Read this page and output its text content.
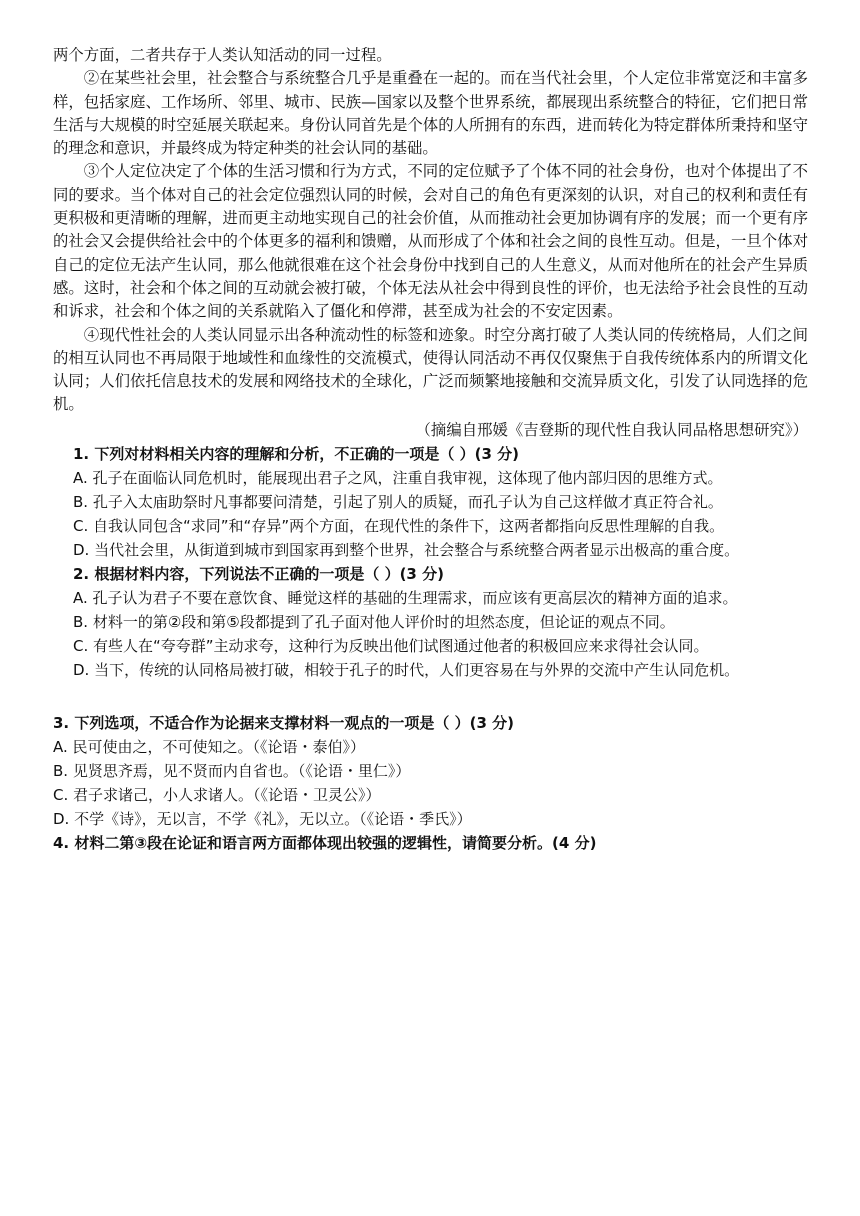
两个方面，二者共存于人类认知活动的同一过程。

②在某些社会里，社会整合与系统整合几乎是重叠在一起的。而在当代社会里，个人定位非常宽泛和丰富多样，包括家庭、工作场所、邻里、城市、民族—国家以及整个世界系统，都展现出系统整合的特征，它们把日常生活与大规模的时空延展关联起来。身份认同首先是个体的人所拥有的东西，进而转化为特定群体所秉持和坚守的理念和意识，并最终成为特定种类的社会认同的基础。

③个人定位决定了个体的生活习惯和行为方式，不同的定位赋予了个体不同的社会身份，也对个体提出了不同的要求。当个体对自己的社会定位强烈认同的时候，会对自己的角色有更深刻的认识，对自己的权利和责任有更积极和更清晰的理解，进而更主动地实现自己的社会价值，从而推动社会更加协调有序的发展；而一个更有序的社会又会提供给社会中的个体更多的福利和馈赠，从而形成了个体和社会之间的良性互动。但是，一旦个体对自己的定位无法产生认同，那么他就很难在这个社会身份中找到自己的人生意义，从而对他所在的社会产生异质感。这时，社会和个体之间的互动就会被打破，个体无法从社会中得到良性的评价，也无法给予社会良性的互动和诉求，社会和个体之间的关系就陷入了僵化和停滞，甚至成为社会的不安定因素。

④现代性社会的人类认同显示出各种流动性的标签和迹象。时空分离打破了人类认同的传统格局，人们之间的相互认同也不再局限于地域性和血缘性的交流模式，使得认同活动不再仅仅聚焦于自我传统体系内的所谓文化认同；人们依托信息技术的发展和网络技术的全球化，广泛而频繁地接触和交流异质文化，引发了认同选择的危机。

（摘编自邢媛《吉登斯的现代性自我认同品格思想研究》）
1. 下列对材料相关内容的理解和分析，不正确的一项是（ ）(3 分)
A. 孔子在面临认同危机时，能展现出君子之风，注重自我审视，这体现了他内部归因的思维方式。
B. 孔子入太庙助祭时凡事都要问清楚，引起了别人的质疑，而孔子认为自己这样做才真正符合礼。
C. 自我认同包含“求同”和“存异”两个方面，在现代性的条件下，这两者都指向反思性理解的自我。
D. 当代社会里，从街道到城市到国家再到整个世界，社会整合与系统整合两者显示出极高的重合度。
2. 根据材料内容，下列说法不正确的一项是（ ）(3 分)
A. 孔子认为君子不要在意饮食、睡觉这样的基础的生理需求，而应该有更高层次的精神方面的追求。
B. 材料一的第②段和第⑤段都提到了孔子面对他人评价时的坦然态度，但论证的观点不同。
C. 有些人在“夸夸群”主动求夸，这种行为反映出他们试图通过他者的积极回应来求得社会认同。
D. 当下，传统的认同格局被打破，相较于孔子的时代，人们更容易在与外界的交流中产生认同危机。
3. 下列选项，不适合作为论据来支撑材料一观点的一项是（ ）(3 分)
A. 民可使由之，不可使知之。（《论语・泰伯》）
B. 见贤思齐焉，见不贤而内自省也。（《论语・里仁》）
C. 君子求诸己，小人求诸人。（《论语・卫灵公》）
D. 不学《诗》，无以言，不学《礼》，无以立。（《论语・季氏》）
4. 材料二第③段在论证和语言两方面都体现出较强的逻辑性，请简要分析。(4 分)
